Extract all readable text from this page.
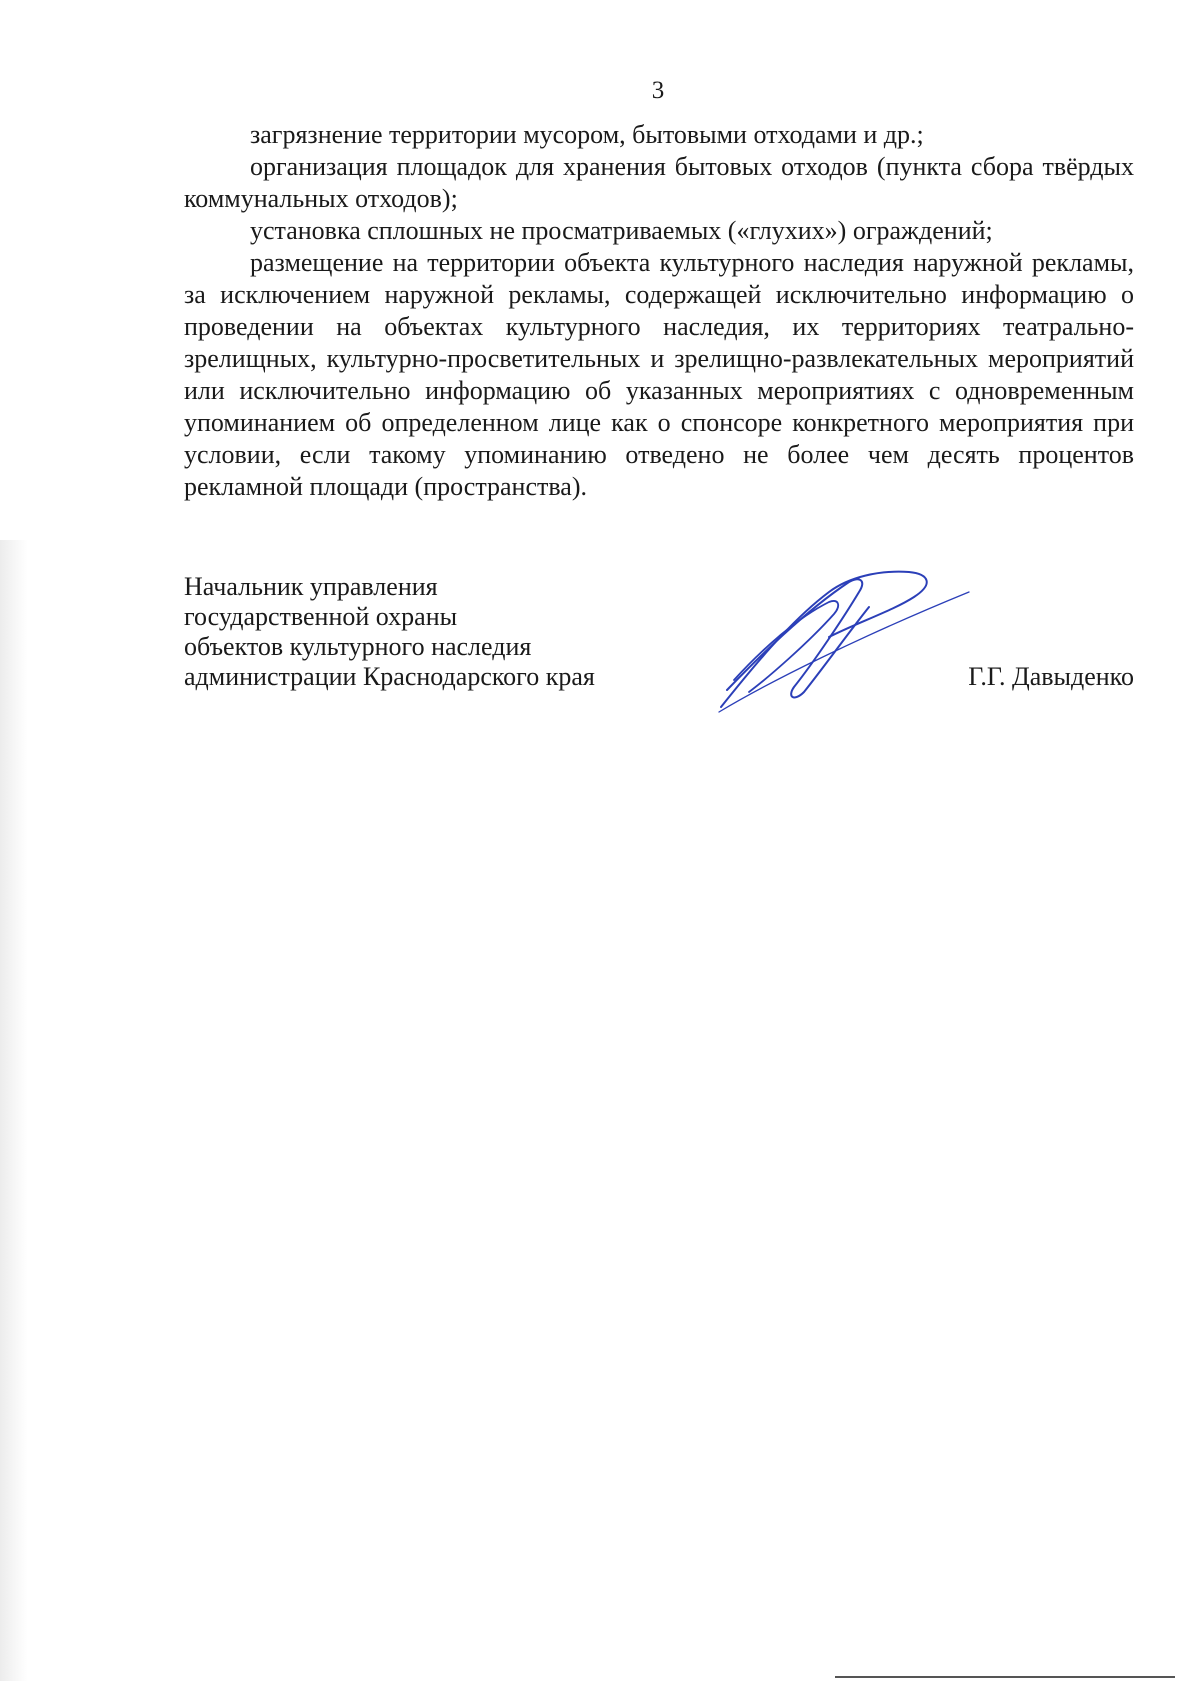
3

загрязнение территории мусором, бытовыми отходами и др.;

организация площадок для хранения бытовых отходов (пункта сбора твёрдых коммунальных отходов);

установка сплошных не просматриваемых («глухих») ограждений;

размещение на территории объекта культурного наследия наружной рекламы, за исключением наружной рекламы, содержащей исключительно информацию о проведении на объектах культурного наследия, их территориях театрально-зрелищных, культурно-просветительных и зрелищно-развлекательных мероприятий или исключительно информацию об указанных мероприятиях с одновременным упоминанием об определенном лице как о спонсоре конкретного мероприятия при условии, если такому упоминанию отведено не более чем десять процентов рекламной площади (пространства).

Начальник управления
государственной охраны
объектов культурного наследия
администрации Краснодарского края	Г.Г. Давыденко
